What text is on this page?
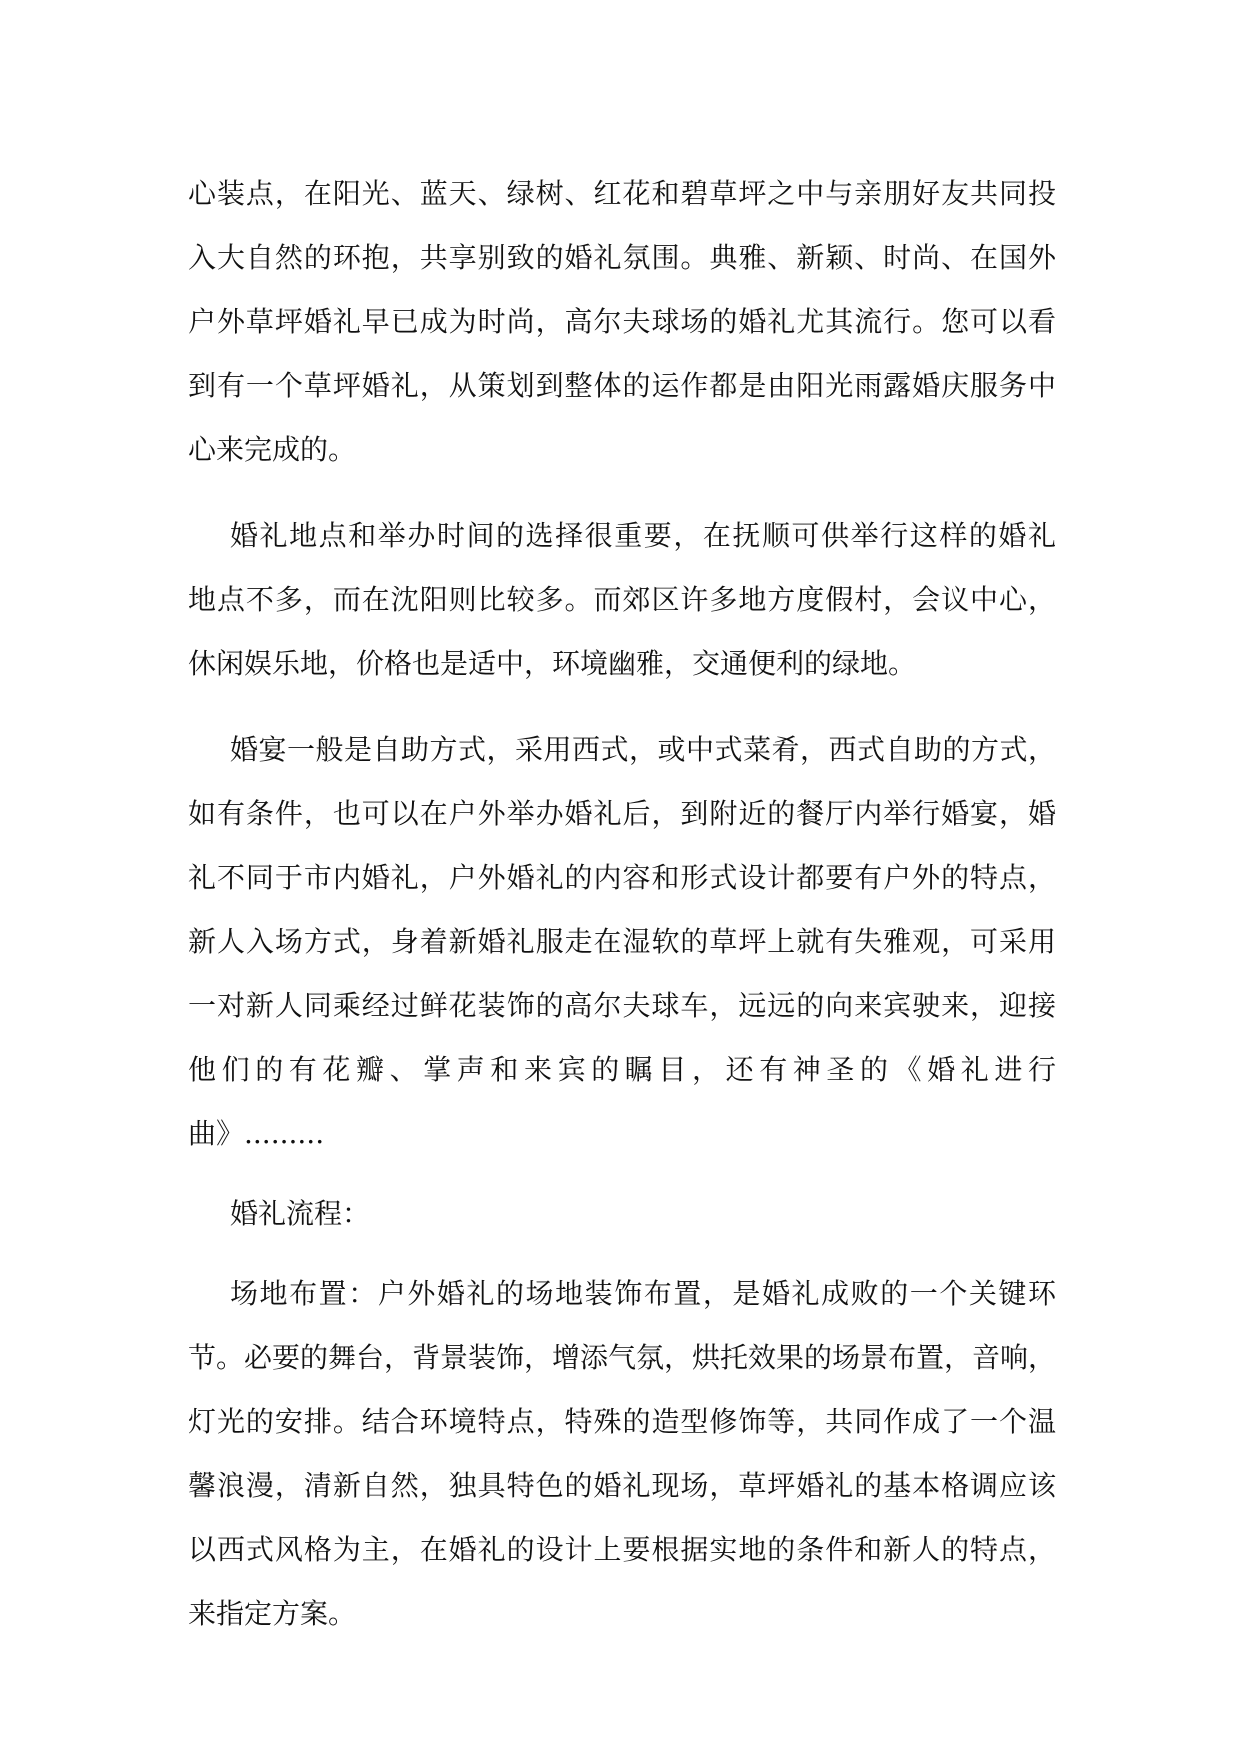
心装点，在阳光、蓝天、绿树、红花和碧草坪之中与亲朋好友共同投
入大自然的环抱，共享别致的婚礼氛围。典雅、新颖、时尚、在国外
户外草坪婚礼早已成为时尚，高尔夫球场的婚礼尤其流行。您可以看
到有一个草坪婚礼，从策划到整体的运作都是由阳光雨露婚庆服务中
心来完成的。
婚礼地点和举办时间的选择很重要，在抚顺可供举行这样的婚礼
地点不多，而在沈阳则比较多。而郊区许多地方度假村，会议中心，
休闲娱乐地，价格也是适中，环境幽雅，交通便利的绿地。
婚宴一般是自助方式，采用西式，或中式菜肴，西式自助的方式，
如有条件，也可以在户外举办婚礼后，到附近的餐厅内举行婚宴，婚
礼不同于市内婚礼，户外婚礼的内容和形式设计都要有户外的特点，
新人入场方式，身着新婚礼服走在湿软的草坪上就有失雅观，可采用
一对新人同乘经过鲜花装饰的高尔夫球车，远远的向来宾驶来，迎接
他们的有花瓣、掌声和来宾的瞩目，还有神圣的《婚礼进行
曲》.........
婚礼流程：
场地布置：户外婚礼的场地装饰布置，是婚礼成败的一个关键环
节。必要的舞台，背景装饰，增添气氛，烘托效果的场景布置，音响，
灯光的安排。结合环境特点，特殊的造型修饰等，共同作成了一个温
馨浪漫，清新自然，独具特色的婚礼现场，草坪婚礼的基本格调应该
以西式风格为主，在婚礼的设计上要根据实地的条件和新人的特点，
来指定方案。
